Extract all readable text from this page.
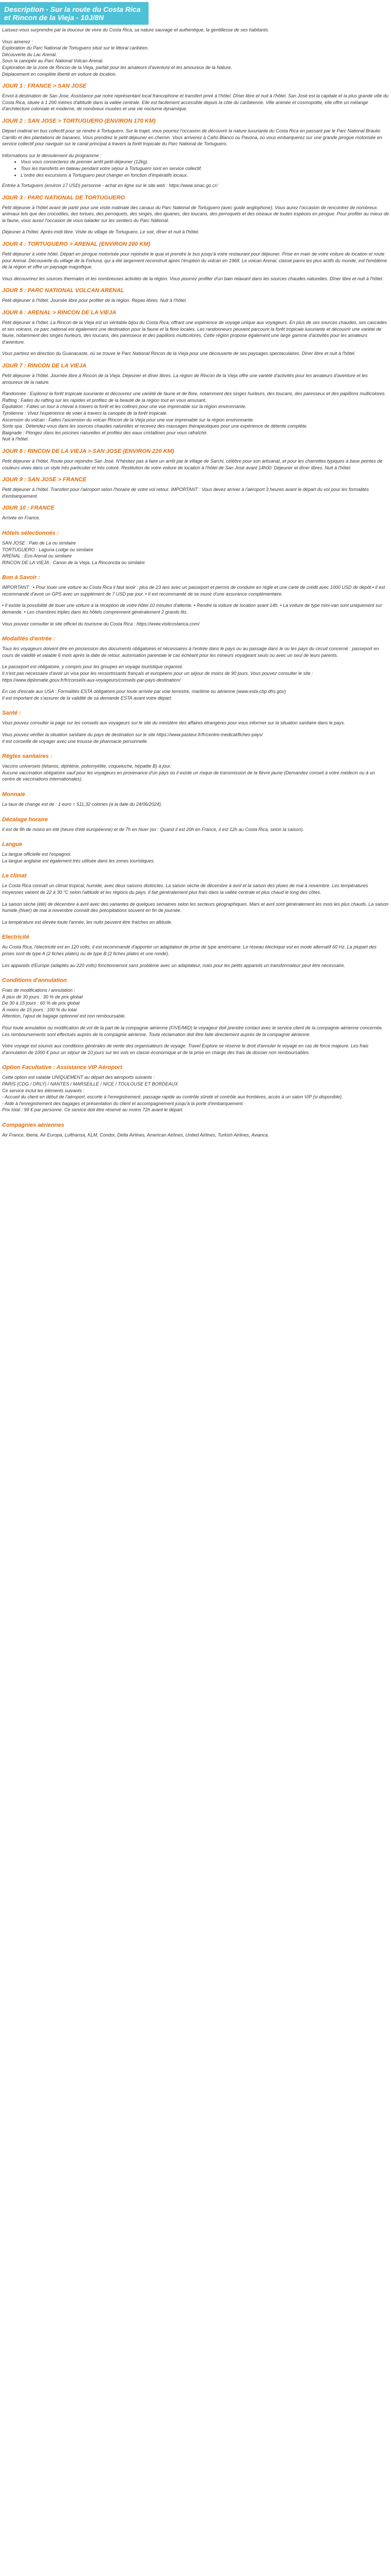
Description - Sur la route du Costa Rica et Rincon de la Vieja - 10J/8N
Laissez-vous surprendre par la douceur de vivre du Costa Rica, sa nature sauvage et authentique, la gentillesse de ses habitants.
Vous aimerez :
Exploration du Parc National de Tortuguero situé sur le littoral caribéen.
Découverte du Lac Arenal.
Sous la canopée au Parc National Volcan Arenal.
Exploration de la zone de Rincon de la Vieja, parfait pour les amateurs d'aventure et les amoureux de la Nature.
Déplacement en complète liberté en voiture de location.
JOUR 1 : FRANCE > SAN JOSE
Envol à destination de San Jose. Assistance par notre représentant local francophone et transfert privé à l'hôtel. Dîner libre et nuit à l'hôtel. San José est la capitale et la plus grande ville du Costa Rica, située à 1 200 mètres d'altitude dans la vallée centrale. Elle est facilement accessible depuis la côte du caribéenne. Ville animée et cosmopolite, elle offre un mélange d'architecture coloniale et moderne, de nombreux musées et une vie nocturne dynamique.
JOUR 2 : SAN JOSE > TORTUGUERO (ENVIRON 170 KM)
Départ matinal en bus collectif pour se rendre à Tortuguero. Sur le trajet, vous pourrez l'occasion de découvrir la nature luxuriante du Costa Rica en passant par le Parc National Braulio Carrillo et des plantations de bananes. Vous prendrez le petit déjeuner en chemin. Vous arriverez à Caño Blanco ou Pavona, où vous embarquerez sur une grande pirogue motorisée en service collectif pour naviguer sur le canal principal à travers la forêt tropicale du Parc National de Tortuguero.
Informations sur le déroulement du programme :
• Vous vous connecterez de premier arrêt petit-déjeuner (12kg).
• Tous les transferts en bateau pendant votre séjour à Tortuguero sont en service collectif.
• L'ordre des excursions à Tortuguero peut changer en fonction d'impératifs locaux.
Entrée à Tortuguero (environ 17 USD) personne - achat en ligne sur le site web : https://www.sinac.go.cr/
JOUR 3 : PARC NATIONAL DE TORTUGUERO
Petit déjeuner à l'hôtel avant de partir pour une visite matinale des canaux du Parc National de Tortuguero (avec guide anglophone). Vous aurez l'occasion de rencontrer de nombreux animaux tels que des crocodiles, des tortues, des perroquets, des singes, des iguanes, des toucans, des perroquets et des oiseaux de toutes espèces en pirogue. Pour profiter au mieux de la faune, vous aurez l'occasion de vous balader sur les sentiers du Parc National.
Déjeuner à l'hôtel. Après-midi libre. Visite du village de Tortuguero. Le soir, dîner et nuit à l'hôtel.
JOUR 4 : TORTUGUERO > ARENAL (ENVIRON 200 KM)
Petit déjeuner à votre hôtel. Départ en pirogue motorisée pour rejoindre le quai et prendre le bus jusqu'à votre restaurant pour déjeuner. Prise en main de votre voiture de location et route pour Arenal. Découverte du village de la Fortuna, qui a été largement reconstruit après l'éruption du volcan en 1968. Le volcan Arenal, classé parmi les plus actifs du monde, est l'emblème de la région et offre un paysage magnifique.
Vous découvrirez les sources thermales et les nombreuses activités de la région. Vous pourrez profiter d'un bain relaxant dans les sources chaudes naturelles. Dîner libre et nuit à l'hôtel.
JOUR 5 : PARC NATIONAL VOLCAN ARENAL
Petit déjeuner à l'hôtel. Journée libre pour profiter de la région. Repas libres. Nuit à l'hôtel.
JOUR 6 : ARENAL > RINCON DE LA VIEJA
Petit déjeuner à l'hôtel. La Rincon de la Vieja est un véritable bijou du Costa Rica, offrant une expérience de voyage unique aux voyageurs. En plus de ses sources chaudes, ses cascades et ses volcans, ce parc national est également une destination pour la faune et la flore locales. Les randonneurs peuvent parcourir la forêt tropicale luxuriante et découvrir une variété de faune, notamment des singes hurleurs, des toucans, des paresseux et des papillons multicolores. Cette région propose également une large gamme d'activités pour les amateurs d'aventure.
Vous partirez en direction du Guanacaste, où se trouve le Parc National Rincon de la Vieja pour une découverte de ses paysages spectaculaires. Dîner libre et nuit à l'hôtel.
JOUR 7 : RINCON DE LA VIEJA
Petit déjeuner à l'hôtel. Journée libre à Rincon de la Vieja. Déjeuner et dîner libres. La région de Rincon de la Vieja offre une variété d'activités pour les amateurs d'aventure et les amoureux de la nature.
Randonnée : Explorez la forêt tropicale luxuriante et découvrez une variété de faune et de flore, notamment des singes hurleurs, des toucans, des paresseux et des papillons multicolores.
Rafting : Faites du rafting sur les rapides et profitez de la beauté de la région tout en vous amusant.
Équitation : Faites un tour à cheval à travers la forêt et les collines pour une vue imprenable sur la région environnante.
Tyrolienne : Vivez l'expérience de voler à travers la canopée de la forêt tropicale.
Ascension du volcan : Faites l'ascension du volcan Rincon de la Vieja pour une vue imprenable sur la région environnante.
Sorte spa : Détendez-vous dans les sources chaudes naturelles et recevez des massages thérapeutiques pour une expérience de détente complète.
Baignade : Plongez dans les piscines naturelles et profitez des eaux cristallines pour vous rafraîchir.
Nuit à l'hôtel.
JOUR 8 : RINCON DE LA VIEJA > SAN JOSE (ENVIRON 220 KM)
Petit déjeuner à l'hôtel. Route pour rejoindre San José. N'hésitez pas à faire un arrêt par le village de Sarchi, célèbre pour son artisanat, et pour les charrettes typiques à base peintes de couleurs vives dans un style très particulier et très coloré. Restitution de votre voiture de location à l'hôtel de San José avant 14h00. Déjeuner et dîner libres. Nuit à l'hôtel.
JOUR 9 : SAN JOSE > FRANCE
Petit déjeuner à l'hôtel. Transfert pour l'aéroport selon l'horaire de votre vol retour. IMPORTANT : Vous devez arriver à l'aéroport 3 heures avant le départ du vol pour les formalités d'embarquement.
JOUR 10 : FRANCE
Arrivée en France.
Hôtels sélectionnés :
SAN JOSE : Palo de La ou similaire
TORTUGUERO : Laguna Lodge ou similaire
ARENAL : Eco Arenal ou similaire
RINCON DE LA VIEJA : Canon de la Vieja, La Rinconcita ou similaire
Bon à Savoir :
IMPORTANT : • Pour louer une voiture au Costa Rica il faut avoir : plus de 23 ans avec un passeport et permis de conduire en règle et une carte de crédit avec 1000 USD de dépôt • Il est recommandé d'avoir un GPS avec un supplément de 7 USD par jour. • Il est recommandé de se munir d'une assurance complémentaire.
• Il existe la possibilité de louer une voiture à la réception de votre hôtel 10 minutes d'attente. • Rendre la voiture de location avant 14h. • La voiture de type mini-van sont uniquement sur demande. • Les chambres triples dans les hôtels comprennent généralement 2 grands lits.
Vous pouvez consulter le site officiel du tourisme du Costa Rica : https://www.visitcostarica.com/
Modalités d'entrée :
Tous les voyageurs doivent être en possession des documents obligatoires et nécessaires à l'entrée dans le pays ou au passage dans le ou les pays du circuit concerné : passeport en cours de validité et valable 6 mois après la date de retour, autorisation parentale le cas échéant pour les mineurs voyageant seuls ou avec un seul de leurs parents.
Le passeport est obligatoire, y compris pour les groupes en voyage touristique organisé.
Il n'est pas nécessaire d'avoir un visa pour les ressortissants français et européens pour un séjour de moins de 90 jours. Vous pouvez consulter le site : https://www.diplomatie.gouv.fr/fr/conseils-aux-voyageurs/conseils-par-pays-destination/
En cas d'escale aux USA : Formalités ESTA obligatoire pour toute arrivée par voie terrestre, maritime ou aérienne (www.esta.cbp.dhs.gov)
Il est important de s'assurer de la validité de sa demande ESTA avant votre départ.
Santé :
Vous pouvez consulter la page sur les conseils aux voyageurs sur le site du ministère des affaires étrangères pour vous informer sur la situation sanitaire dans le pays.
Vous pouvez vérifier la situation sanitaire du pays de destination sur le site https://www.pasteur.fr/fr/centre-medical/fiches-pays/
Il est conseillé de voyager avec une trousse de pharmacie personnelle.
Règles sanitaires :
Vaccins universels (tétanos, diphtérie, poliomyélite, coqueluche, hépatite B) à jour.
Aucune vaccination obligatoire sauf pour les voyageurs en provenance d'un pays où il existe un risque de transmission de la fièvre jaune (Demandez conseil à votre médecin ou à un centre de vaccinations internationales).
Monnaie
La taux de change est de : 1 euro = 511,32 colones (à la date du 24/06/2024).
Décalage horaire
Il est de 8h de moins en été (heure d'été européenne) et de 7h en hiver (ex : Quand il est 20h en France, il est 12h au Costa Rica, selon la saison).
Langue
La langue officielle est l'espagnol.
La langue anglaise est également très utilisée dans les zones touristiques.
Le climat
Le Costa Rica connaît un climat tropical, humide, avec deux saisons distinctes. La saison sèche de décembre à avril et la saison des pluies de mai à novembre. Les températures moyennes varient de 22 à 30 °C selon l'altitude et les régions du pays. Il fait généralement plus frais dans la vallée centrale et plus chaud le long des côtes.
La saison sèche (été) de décembre à avril avec des variantes de quelques semaines selon les secteurs géographiques. Mars et avril sont généralement les mois les plus chauds. La saison humide (hiver) de mai à novembre connaît des précipitations souvent en fin de journée.
La température est élevée toute l'année, les nuits peuvent être fraîches en altitude.
Electricité
Au Costa Rica, l'électricité est en 120 volts, il est recommandé d'apporter un adaptateur de prise de type américaine. Le réseau électrique est en mode alternatif 60 Hz. La plupart des prises sont de type A (2 fiches plates) ou de type B (2 fiches plates et une ronde).
Les appareils d'Europe (adaptés au 220 volts) fonctionneront sans problème avec un adaptateur, mais pour les petits appareils un transformateur peut être nécessaire.
Conditions d'annulation
Frais de modifications / annulation :
À plus de 30 jours : 30 % de prix global
De 30 à 15 jours : 60 % de prix global
À moins de 15 jours : 100 % du total
Attention, l'ajout de bagage optionnel est non remboursable.
Pour toute annulation ou modification de vol de la part de la compagnie aérienne (FIVE/MID) le voyageur doit prendre contact avec le service client de la compagnie aérienne concernée. Les remboursements sont effectués auprès de la compagnie aérienne. Toute réclamation doit être faite directement auprès de la compagnie aérienne.
Votre voyage est soumis aux conditions générales de vente des organisateurs de voyage. Travel Explore se réserve le droit d'annuler le voyage en cas de force majeure. Les frais d'annulation de 1000 € pour un séjour de 10 jours sur les vols en classe économique et de la prise en charge des frais de dossier non remboursables.
Option Facultative : Assistance VIP Aéroport
Cette option est valable UNIQUEMENT au départ des aéroports suivants :
PARIS (CDG / ORLY) / NANTES / MARSEILLE / NICE / TOULOUSE ET BORDEAUX
Ce service inclut les éléments suivants :
- Accueil du client en début de l'aéroport, escorte à l'enregistrement, passage rapide au contrôle sûreté et contrôle aux frontières, accès à un salon VIP (si disponible).
- Aide à l'enregistrement des bagages et présentation du client et accompagnement jusqu'à la porte d'embarquement.
Prix total : 99 € par personne. Ce service doit être réservé au moins 72h avant le départ.
Compagnies aériennes
Air France, Iberia, Air Europa, Lufthansa, KLM, Condor, Delta Airlines, American Airlines, United Airlines, Turkish Airlines, Avianca.
